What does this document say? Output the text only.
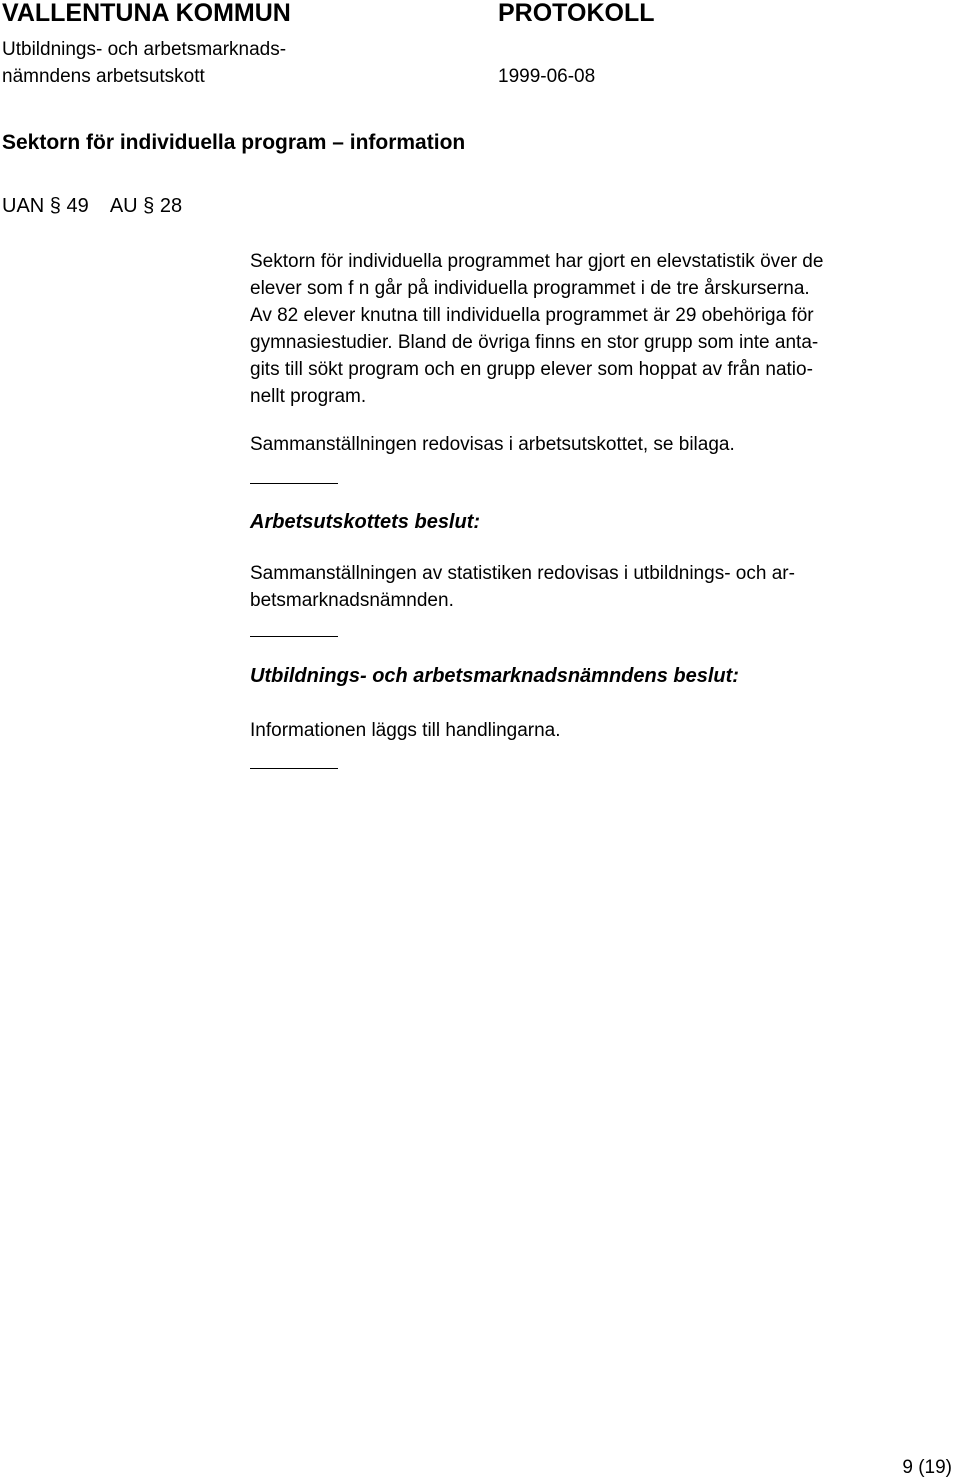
VALLENTUNA KOMMUN	PROTOKOLL
Utbildnings- och arbetsmarknads-
nämndens arbetsutskott	1999-06-08
Sektorn för individuella program – information
UAN § 49    AU § 28
Sektorn för individuella programmet har gjort en elevstatistik över de
elever som f n går på individuella programmet i de tre årskurserna.
Av 82 elever knutna till individuella programmet är 29 obehöriga för
gymnasiestudier. Bland de övriga finns en stor grupp som inte anta-
gits till sökt program och en grupp elever som hoppat av från natio-
nellt program.
Sammanställningen redovisas i arbetsutskottet, se bilaga.
Arbetsutskottets beslut:
Sammanställningen av statistiken redovisas i utbildnings- och ar-
betsmarknadsnämnden.
Utbildnings- och arbetsmarknadsnämndens beslut:
Informationen läggs till handlingarna.
9 (19)
